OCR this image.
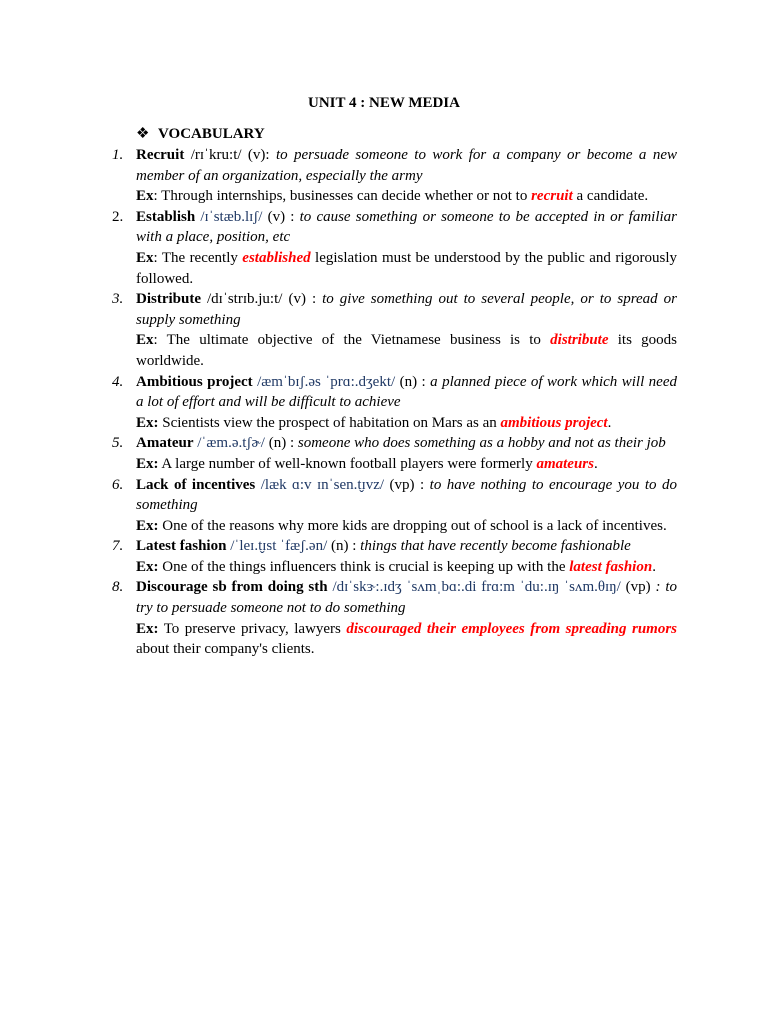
UNIT 4 : NEW MEDIA
❖ VOCABULARY
1. Recruit /rɪˈkru:t/ (v): to persuade someone to work for a company or become a new member of an organization, especially the army
Ex: Through internships, businesses can decide whether or not to recruit a candidate.
2. Establish /ɪˈstæb.lɪʃ/ (v) : to cause something or someone to be accepted in or familiar with a place, position, etc
Ex: The recently established legislation must be understood by the public and rigorously followed.
3. Distribute /dɪˈstrɪb.ju:t/ (v) : to give something out to several people, or to spread or supply something
Ex: The ultimate objective of the Vietnamese business is to distribute its goods worldwide.
4. Ambitious project /æmˈbɪʃ.əs ˈprɑ:.dʒekt/ (n) : a planned piece of work which will need a lot of effort and will be difficult to achieve
Ex: Scientists view the prospect of habitation on Mars as an ambitious project.
5. Amateur /ˈæm.ə.tʃɚ/ (n) : someone who does something as a hobby and not as their job
Ex: A large number of well-known football players were formerly amateurs.
6. Lack of incentives /læk ɑ:v ɪnˈsen.t̬ɪvz/ (vp) : to have nothing to encourage you to do something
Ex: One of the reasons why more kids are dropping out of school is a lack of incentives.
7. Latest fashion /ˈleɪ.t̬ɪst ˈfæʃ.ən/ (n) : things that have recently become fashionable
Ex: One of the things influencers think is crucial is keeping up with the latest fashion.
8. Discourage sb from doing sth /dɪˈskɝ:.ɪdʒ ˈsʌmˌbɑ:.di frɑ:m ˈdu:.ɪŋ ˈsʌm.θɪŋ/ (vp) : to try to persuade someone not to do something
Ex: To preserve privacy, lawyers discouraged their employees from spreading rumors about their company's clients.
